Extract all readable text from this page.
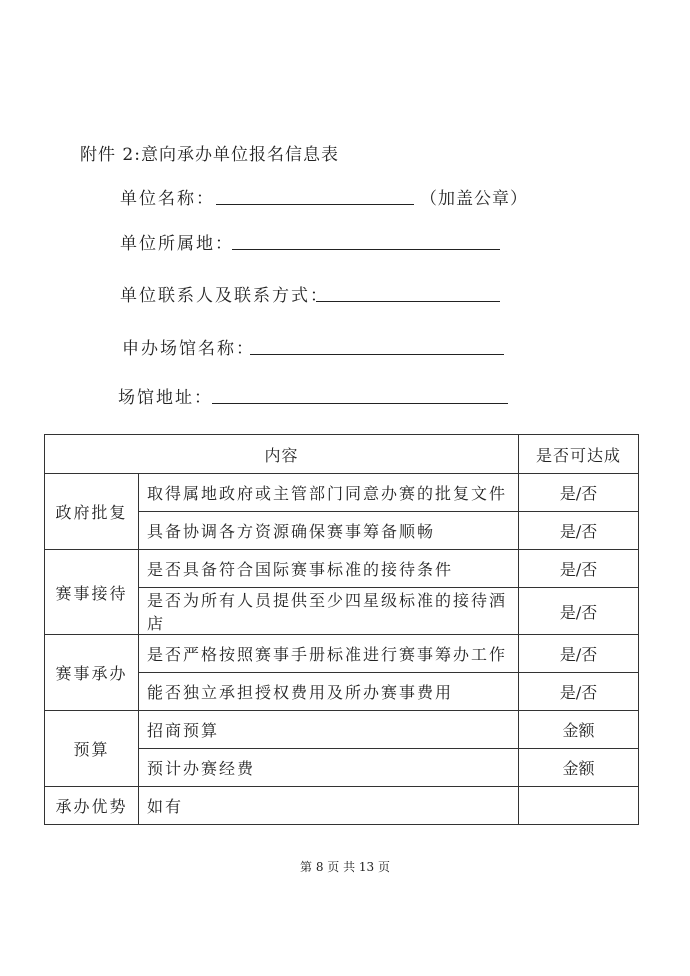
附件 2:意向承办单位报名信息表
单位名称：	（加盖公章）
单位所属地：
单位联系人及联系方式：
申办场馆名称：
场馆地址：
内容		是否可达成
政府批复	取得属地政府或主管部门同意办赛的批复文件	是/否
	具备协调各方资源确保赛事筹备顺畅	是/否
赛事接待	是否具备符合国际赛事标准的接待条件	是/否
	是否为所有人员提供至少四星级标准的接待酒店	是/否
赛事承办	是否严格按照赛事手册标准进行赛事筹办工作	是/否
	能否独立承担授权费用及所办赛事费用	是/否
预算	招商预算	金额
	预计办赛经费	金额
承办优势	如有	
第 8 页 共 13 页
